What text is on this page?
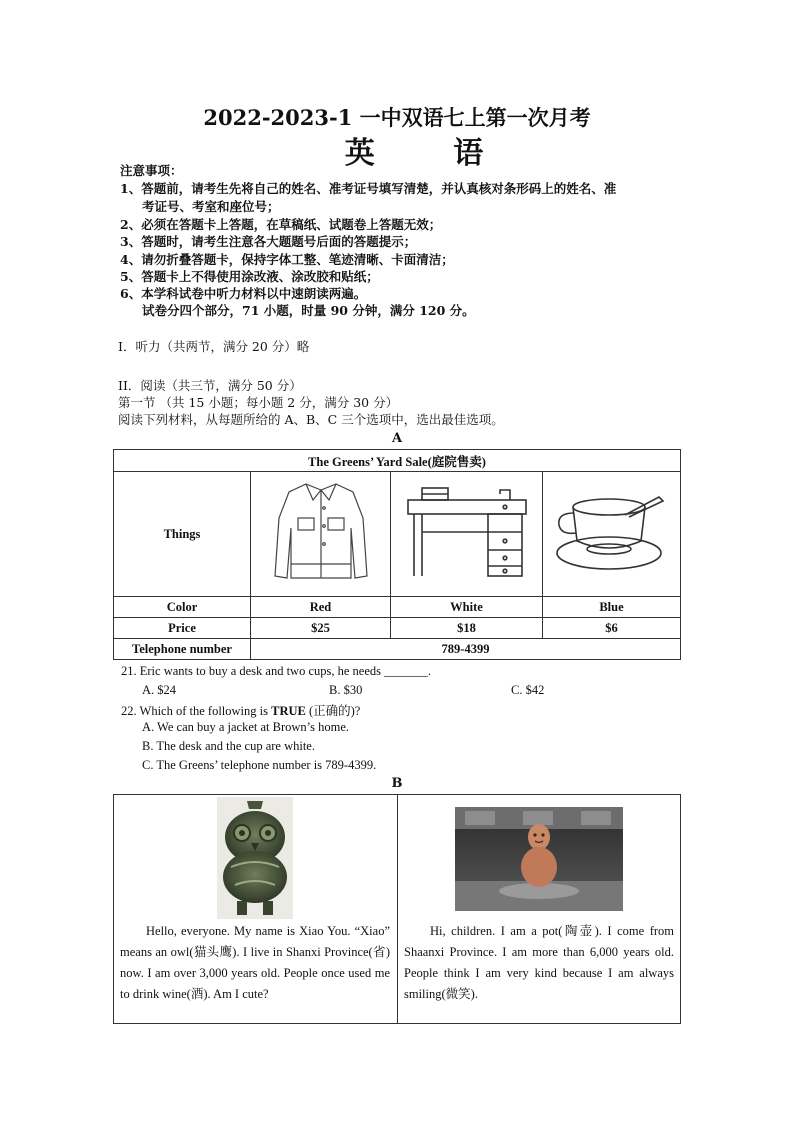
2022-2023-1 一中双语七上第一次月考
英 语
注意事项：
1、答题前，请考生先将自己的姓名、准考证号填写清楚，并认真核对条形码上的姓名、准
考证号、考室和座位号；
2、必须在答题卡上答题，在草稿纸、试题卷上答题无效；
3、答题时，请考生注意各大题题号后面的答题提示；
4、请勿折叠答题卡，保持字体工整、笔迹清晰、卡面清洁；
5、答题卡上不得使用涂改液、涂改胶和贴纸；
6、本学科试卷中听力材料以中速朗读两遍。
试卷分四个部分，71 小题，时量 90 分钟，满分 120 分。
I．听力（共两节，满分 20 分）略
II．阅读（共三节，满分 50 分）
第一节 （共 15 小题；每小题 2 分，满分 30 分）
阅读下列材料，从每题所给的 A、B、C 三个选项中，选出最佳选项。
A
The Greens’ Yard Sale(庭院售卖)			
Things			
Color	Red	White	Blue
Price	$25	$18	$6
Telephone number	789-4399		
21. Eric wants to buy a desk and two cups, he needs _______.
A. $24	B. $30	C. $42
22. Which of the following is TRUE (正确的)?
A. We can buy a jacket at Brown’s home.
B. The desk and the cup are white.
C. The Greens’ telephone number is 789-4399.
B
Hello, everyone. My name is Xiao You. “Xiao” means an owl(猫头鹰). I live in Shanxi Province(省) now. I am over 3,000 years old. People once used me to drink wine(酒). Am I cute?
Hi, children. I am a pot(陶壶). I come from Shaanxi Province. I am more than 6,000 years old. People think I am very kind because I am always smiling(微笑).
